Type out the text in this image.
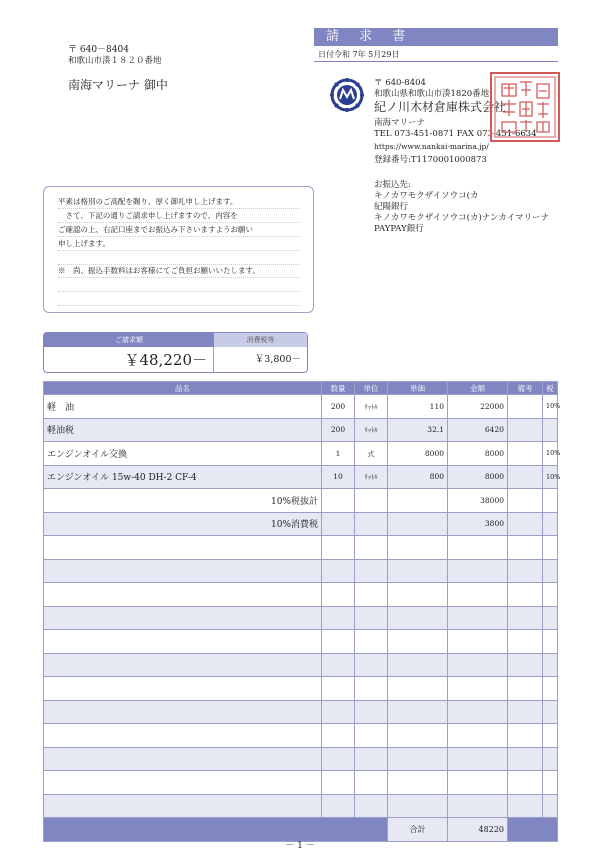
〒 640－8404
和歌山市湊１８２０番地
南海マリーナ 御中
請 求 書
日付令和 7年 5月29日
〒 640-8404
和歌山県和歌山市湊1820番地
紀ノ川木材倉庫株式会社
南海マリーナ
TEL 073-451-0871 FAX 073-451-6634
https://www.nankai-marina.jp/
登録番号:T1170001000873
お振込先:
キノカワモクザイソウコ(カ
紀陽銀行
キノカワモクザイソウコ(カ)ナンカイマリーナ
PAYPAY銀行
平素は格別のご高配を賜り、厚く御礼申し上げます。
　さて、下記の通りご請求申し上げますので、内容を
ご確認の上、右記口座までお振込み下さいますようお願い
申し上げます。
※　尚、振込手数料はお客様にてご負担お願いいたします。
ご請求額	消費税等
￥48,220－	￥3,800－
品名	数量	単位	単価	金額	備考	税
軽　油	200	ﾘｯﾄﾙ	110	22000		10%
軽油税	200	ﾘｯﾄﾙ	32.1	6420		
エンジンオイル交換	1	式	8000	8000		10%
エンジンオイル 15w-40 DH-2 CF-4	10	ﾘｯﾄﾙ	800	8000		10%
10%税抜計				38000		
10%消費税				3800		

			合計	48220		
－ 1 －
